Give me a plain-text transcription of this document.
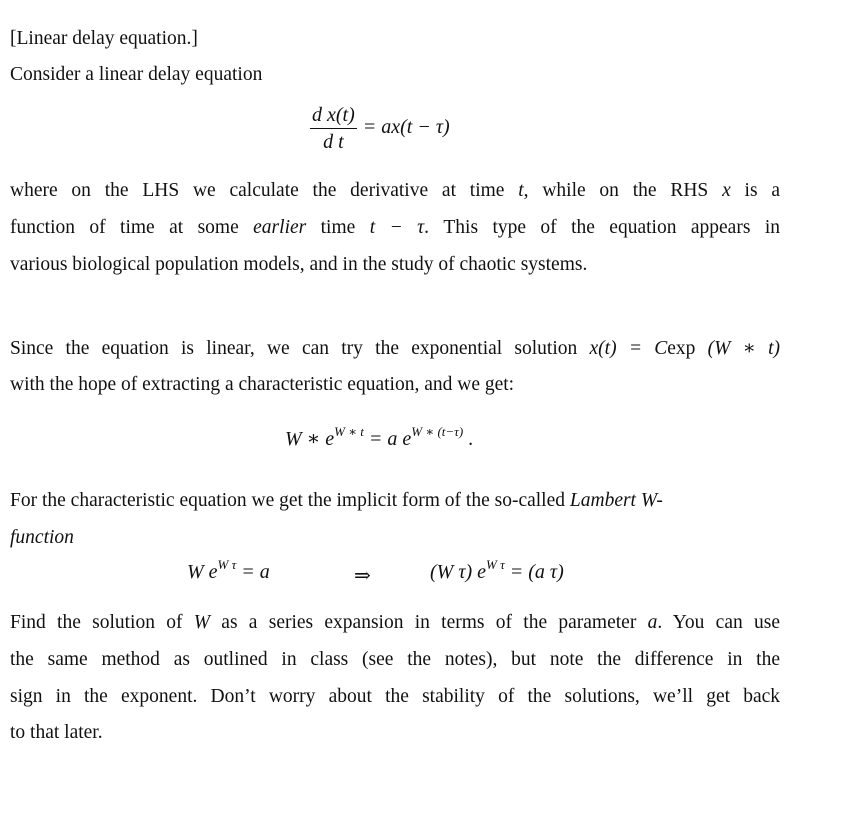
[Linear delay equation.]
Consider a linear delay equation
$\frac{\text{d x(t)}}{\text{d t}} = ax(t - \tau)$
where on the LHS we calculate the derivative at time t, while on the RHS x is a
function of time at some earlier time t − τ. This type of the equation appears in
various biological population models, and in the study of chaotic systems.
Since the equation is linear, we can try the exponential solution x(t) = Cexp (W ∗ t)
with the hope of extracting a characteristic equation, and we get:
W ∗ $e^{W ∗ t} = a$ $e^{W ∗ (t-\tau)}$ .
For the characteristic equation we get the implicit form of the so-called Lambert W-
function
W $e^{W \tau} = a$	⇒	(W τ) $e^{W \tau} = (a$ τ)
Find the solution of W as a series expansion in terms of the parameter a. You can use
the same method as outlined in class (see the notes), but note the difference in the
sign in the exponent. Don’t worry about the stability of the solutions, we’ll get back
to that later.
